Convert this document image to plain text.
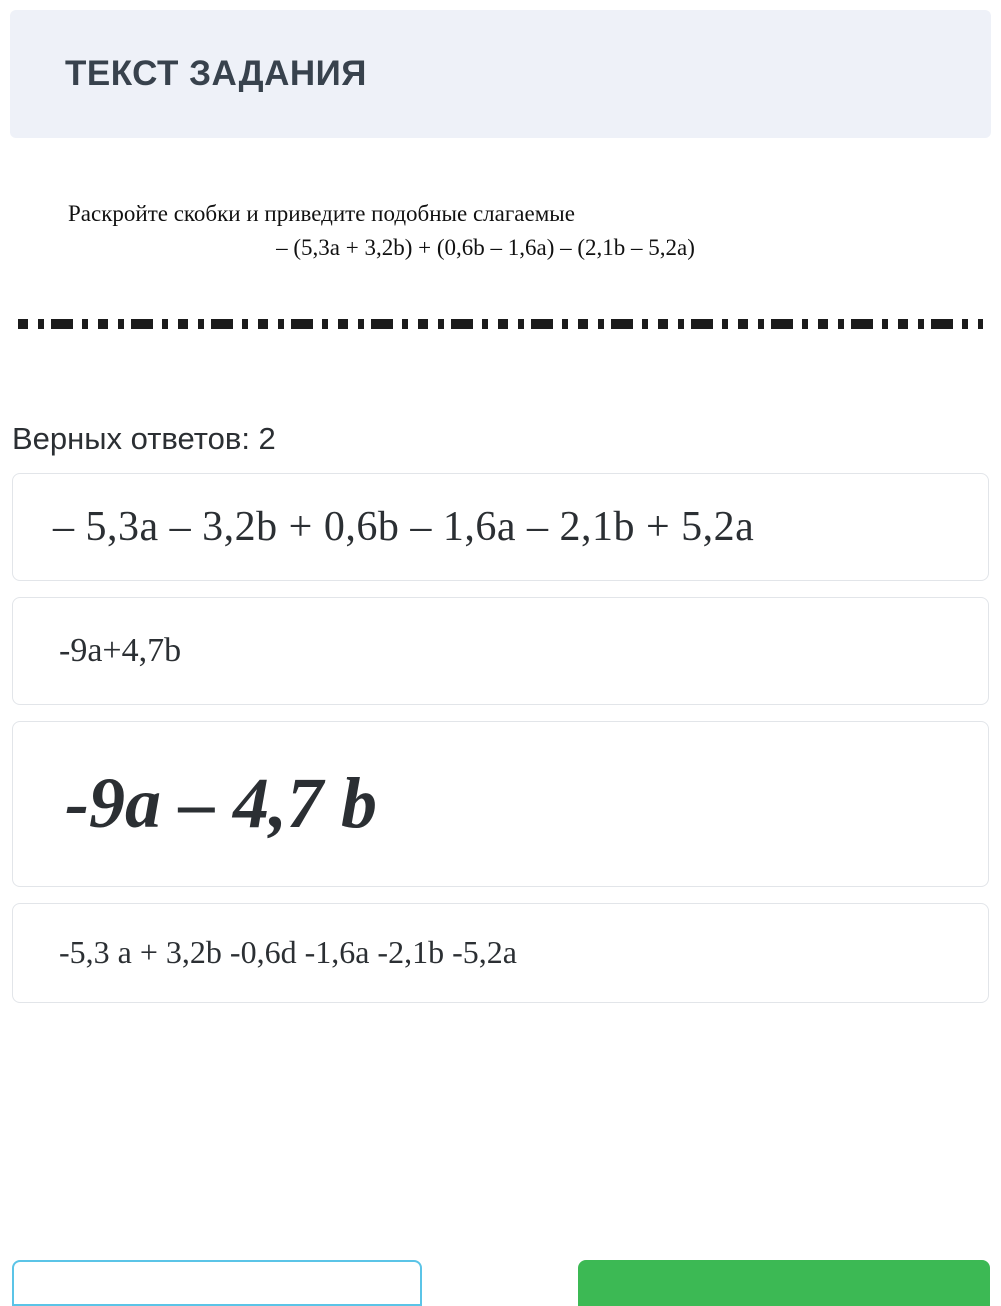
ТЕКСТ ЗАДАНИЯ
Раскройте скобки и приведите подобные слагаемые
– (5,3a + 3,2b) + (0,6b – 1,6a) – (2,1b – 5,2a)
Верных ответов: 2
– 5,3a – 3,2b + 0,6b – 1,6a – 2,1b + 5,2a
-9a+4,7b
-9a – 4,7 b
-5,3 a + 3,2b -0,6d -1,6a -2,1b -5,2a
